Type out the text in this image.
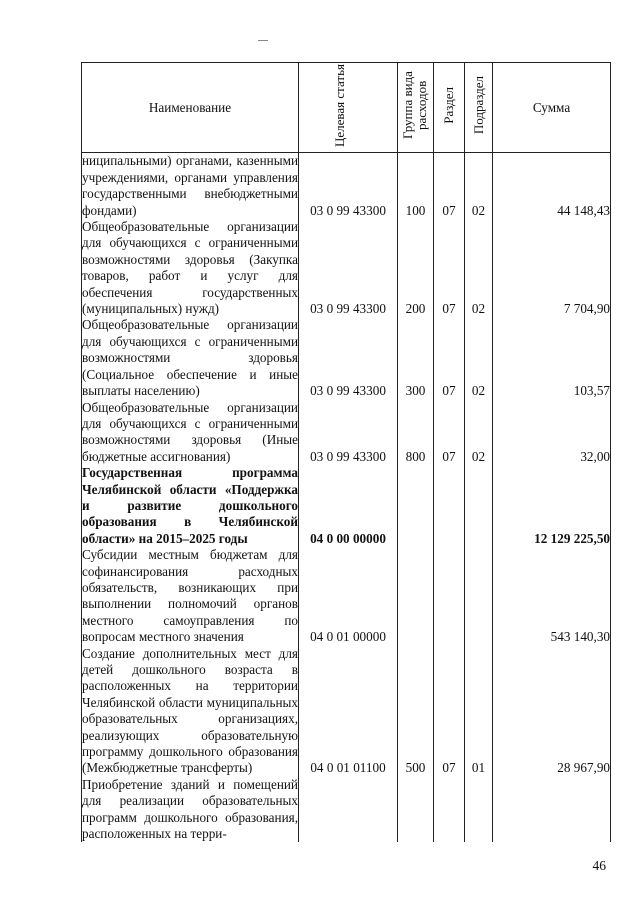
Наименование	Целевая статья	Группа вида расходов	Раздел	Подраздел	Сумма
ниципальными) органами, казенными учреждениями, органами управления государственными внебюджетными фондами)	03 0 99 43300	100	07	02	44 148,43
Общеобразовательные организации для обучающихся с ограниченными возможностями здоровья (Закупка товаров, работ и услуг для обеспечения государственных (муниципальных) нужд)	03 0 99 43300	200	07	02	7 704,90
Общеобразовательные организации для обучающихся с ограниченными возможностями здоровья (Социальное обеспечение и иные выплаты населению)	03 0 99 43300	300	07	02	103,57
Общеобразовательные организации для обучающихся с ограниченными возможностями здоровья (Иные бюджетные ассигнования)	03 0 99 43300	800	07	02	32,00
Государственная программа Челябинской области «Поддержка и развитие дошкольного образования в Челябинской области» на 2015–2025 годы	04 0 00 00000				12 129 225,50
Субсидии местным бюджетам для софинансирования расходных обязательств, возникающих при выполнении полномочий органов местного самоуправления по вопросам местного значения	04 0 01 00000				543 140,30
Создание дополнительных мест для детей дошкольного возраста в расположенных на территории Челябинской области муниципальных образовательных организациях, реализующих образовательную программу дошкольного образования (Межбюджетные трансферты)	04 0 01 01100	500	07	01	28 967,90
Приобретение зданий и помещений для реализации образовательных программ дошкольного образования, расположенных на терри-					
46
